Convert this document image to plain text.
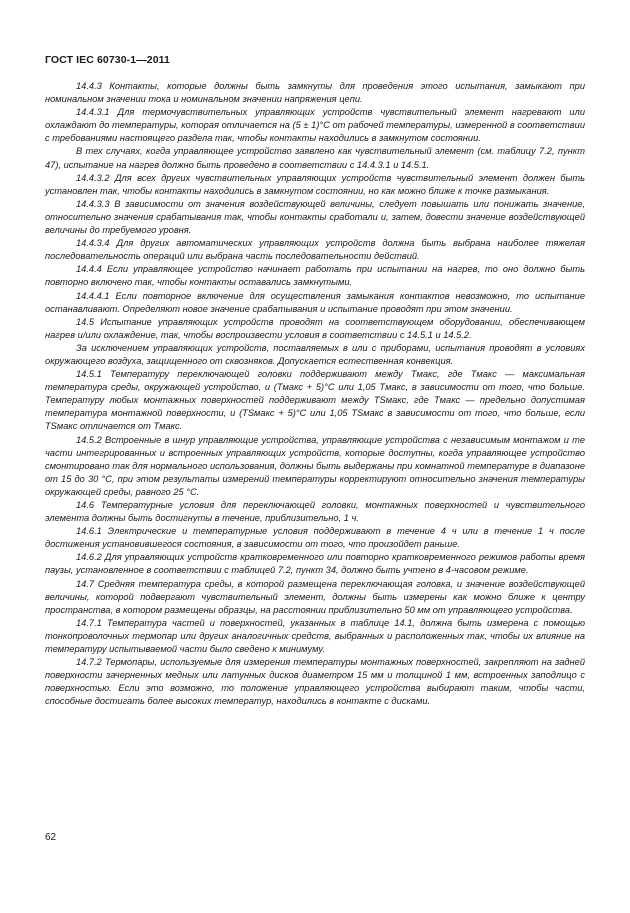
ГОСТ IEC 60730-1—2011

14.4.3 Контакты, которые должны быть замкнуты для проведения этого испытания, замыкают при номинальном значении тока и номинальном значении напряжения цепи.

14.4.3.1 Для термочувствительных управляющих устройств чувствительный элемент нагревают или охлаждают до температуры, которая отличается на (5 ± 1)°С от рабочей температуры, измеренной в соответствии с требованиями настоящего раздела так, чтобы контакты находились в замкнутом состоянии.

В тех случаях, когда управляющее устройство заявлено как чувствительный элемент (см. таблицу 7.2, пункт 47), испытание на нагрев должно быть проведено в соответствии с 14.4.3.1 и 14.5.1.

14.4.3.2 Для всех других чувствительных управляющих устройств чувствительный элемент должен быть установлен так, чтобы контакты находились в замкнутом состоянии, но как можно ближе к точке размыкания.

14.4.3.3 В зависимости от значения воздействующей величины, следует повышать или понижать значение, относительно значения срабатывания так, чтобы контакты сработали и, затем, довести значение воздействующей величины до требуемого уровня.

14.4.3.4 Для других автоматических управляющих устройств должна быть выбрана наиболее тяжелая последовательность операций или выбрана часть последовательности действий.

14.4.4 Если управляющее устройство начинает работать при испытании на нагрев, то оно должно быть повторно включено так, чтобы контакты оставались замкнутыми.

14.4.4.1 Если повторное включение для осуществления замыкания контактов невозможно, то испытание останавливают. Определяют новое значение срабатывания и испытание проводят при этом значении.

14.5 Испытание управляющих устройств проводят на соответствующем оборудовании, обеспечивающем нагрев и/или охлаждение, так, чтобы воспроизвести условия в соответствии с 14.5.1 и 14.5.2.

За исключением управляющих устройств, поставляемых в или с приборами, испытания проводят в условиях окружающего воздуха, защищенного от сквозняков. Допускается естественная конвекция.

14.5.1 Температуру переключающей головки поддерживают между Tмакс, где Tмакс — максимальная температура среды, окружающей устройство, и (Tмакс + 5)°С или 1,05 Tмакс, в зависимости от того, что больше. Температуру любых монтажных поверхностей поддерживают между TSмакс, где Tмакс — предельно допустимая температура монтажной поверхности, и (TSмакс + 5)°С или 1,05 TSмакс в зависимости от того, что больше, если TSмакс отличается от Tмакс.

14.5.2 Встроенные в шнур управляющие устройства, управляющие устройства с независимым монтажом и те части интегрированных и встроенных управляющих устройств, которые доступны, когда управляющее устройство смонтировано так для нормального использования, должны быть выдержаны при комнатной температуре в диапазоне от 15 до 30 °С, при этом результаты измерений температуры корректируют относительно значения температуры окружающей среды, равного 25 °С.

14.6 Температурные условия для переключающей головки, монтажных поверхностей и чувствительного элемента должны быть достигнуты в течение, приблизительно, 1 ч.

14.6.1 Электрические и температурные условия поддерживают в течение 4 ч или в течение 1 ч после достижения установившегося состояния, в зависимости от того, что произойдет раньше.

14.6.2 Для управляющих устройств кратковременного или повторно кратковременного режимов работы время паузы, установленное в соответствии с таблицей 7.2, пункт 34, должно быть учтено в 4-часовом режиме.

14.7 Средняя температура среды, в которой размещена переключающая головка, и значение воздействующей величины, которой подвергают чувствительный элемент, должны быть измерены как можно ближе к центру пространства, в котором размещены образцы, на расстоянии приблизительно 50 мм от управляющего устройства.

14.7.1 Температура частей и поверхностей, указанных в таблице 14.1, должна быть измерена с помощью тонкопроволочных термопар или других аналогичных средств, выбранных и расположенных так, чтобы их влияние на температуру испытываемой части было сведено к минимуму.

14.7.2 Термопары, используемые для измерения температуры монтажных поверхностей, закрепляют на задней поверхности зачерненных медных или латунных дисков диаметром 15 мм и толщиной 1 мм, встроенных заподлицо с поверхностью. Если это возможно, то положение управляющего устройства выбирают таким, чтобы части, способные достигать более высоких температур, находились в контакте с дисками.

62
